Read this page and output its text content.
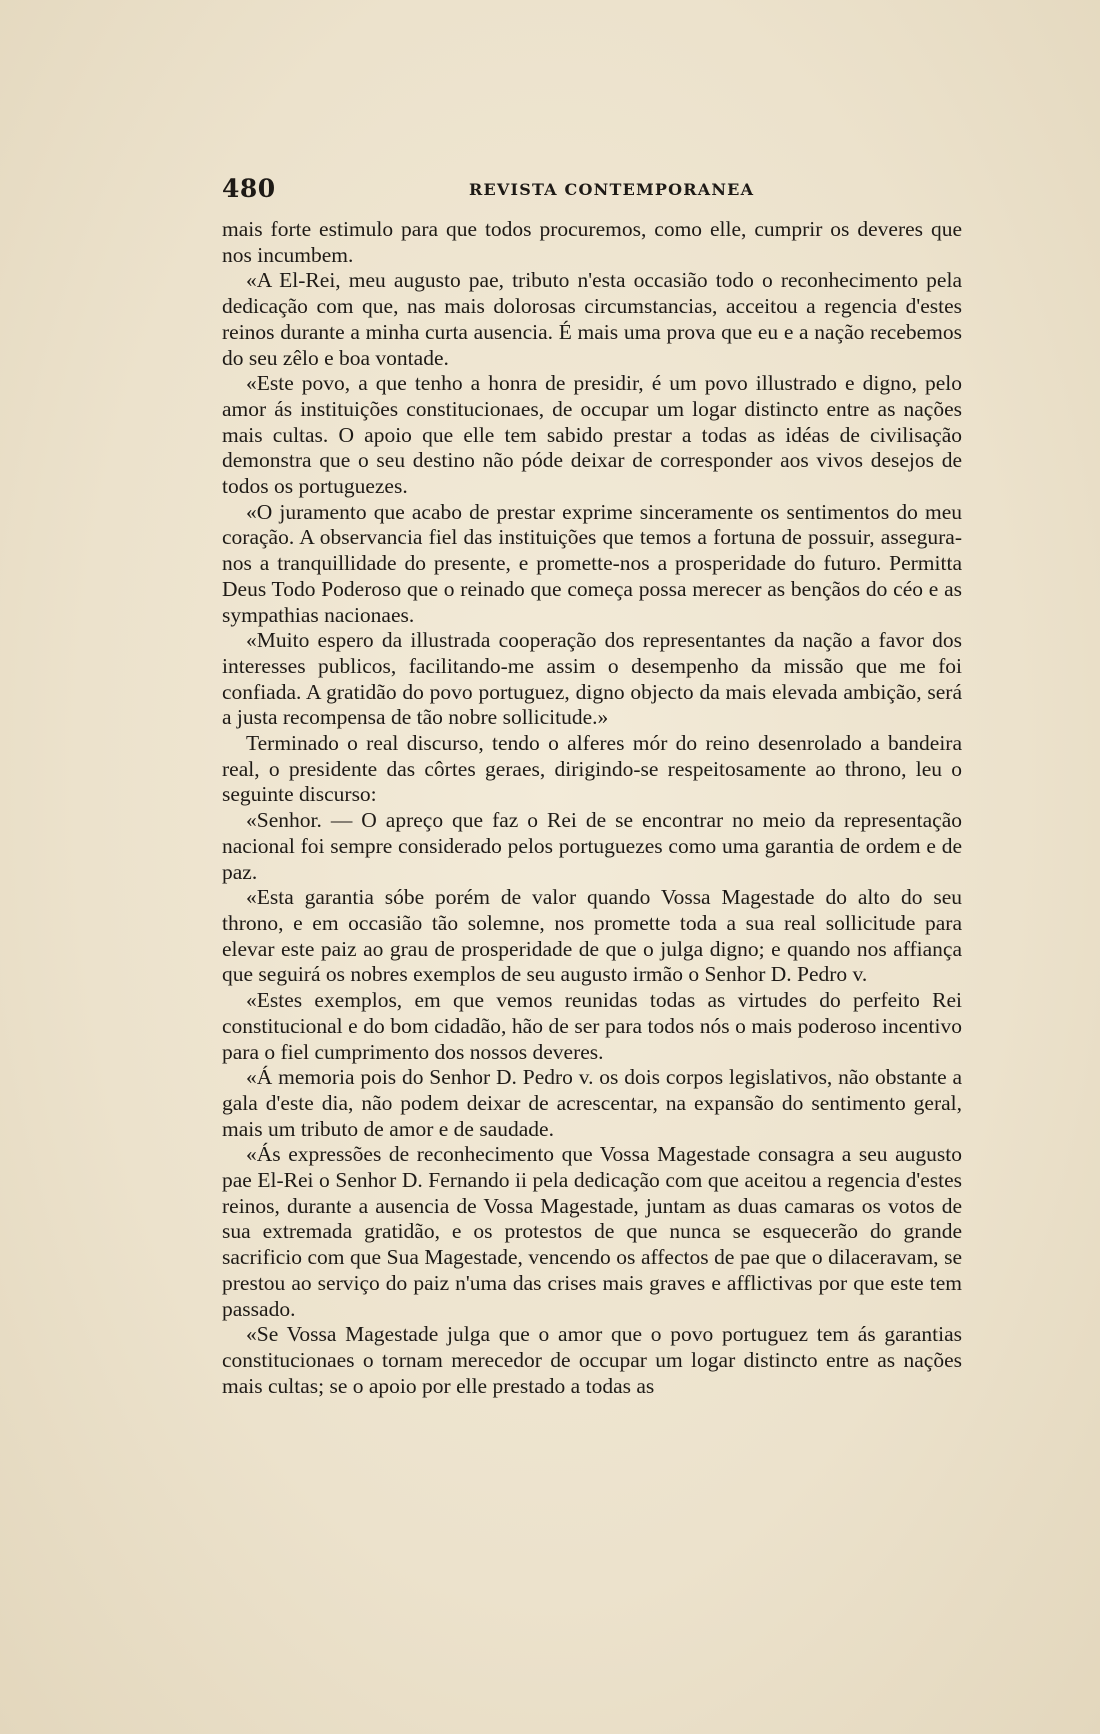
480	REVISTA CONTEMPORANEA

mais forte estimulo para que todos procuremos, como elle, cumprir os deveres que nos incumbem.

«A El-Rei, meu augusto pae, tributo n'esta occasião todo o reconhecimento pela dedicação com que, nas mais dolorosas circumstancias, acceitou a regencia d'estes reinos durante a minha curta ausencia. É mais uma prova que eu e a nação recebemos do seu zêlo e boa vontade.

«Este povo, a que tenho a honra de presidir, é um povo illustrado e digno, pelo amor ás instituições constitucionaes, de occupar um logar distincto entre as nações mais cultas. O apoio que elle tem sabido prestar a todas as idéas de civilisação demonstra que o seu destino não póde deixar de corresponder aos vivos desejos de todos os portuguezes.

«O juramento que acabo de prestar exprime sinceramente os sentimentos do meu coração. A observancia fiel das instituições que temos a fortuna de possuir, assegura-nos a tranquillidade do presente, e promette-nos a prosperidade do futuro. Permitta Deus Todo Poderoso que o reinado que começa possa merecer as bençãos do céo e as sympathias nacionaes.

«Muito espero da illustrada cooperação dos representantes da nação a favor dos interesses publicos, facilitando-me assim o desempenho da missão que me foi confiada. A gratidão do povo portuguez, digno objecto da mais elevada ambição, será a justa recompensa de tão nobre sollicitude.»

Terminado o real discurso, tendo o alferes mór do reino desenrolado a bandeira real, o presidente das côrtes geraes, dirigindo-se respeitosamente ao throno, leu o seguinte discurso:

«Senhor. — O apreço que faz o Rei de se encontrar no meio da representação nacional foi sempre considerado pelos portuguezes como uma garantia de ordem e de paz.

«Esta garantia sóbe porém de valor quando Vossa Magestade do alto do seu throno, e em occasião tão solemne, nos promette toda a sua real sollicitude para elevar este paiz ao grau de prosperidade de que o julga digno; e quando nos affiança que seguirá os nobres exemplos de seu augusto irmão o Senhor D. Pedro v.

«Estes exemplos, em que vemos reunidas todas as virtudes do perfeito Rei constitucional e do bom cidadão, hão de ser para todos nós o mais poderoso incentivo para o fiel cumprimento dos nossos deveres.

«Á memoria pois do Senhor D. Pedro v. os dois corpos legislativos, não obstante a gala d'este dia, não podem deixar de acrescentar, na expansão do sentimento geral, mais um tributo de amor e de saudade.

«Ás expressões de reconhecimento que Vossa Magestade consagra a seu augusto pae El-Rei o Senhor D. Fernando ii pela dedicação com que aceitou a regencia d'estes reinos, durante a ausencia de Vossa Magestade, juntam as duas camaras os votos de sua extremada gratidão, e os protestos de que nunca se esquecerão do grande sacrificio com que Sua Magestade, vencendo os affectos de pae que o dilaceravam, se prestou ao serviço do paiz n'uma das crises mais graves e afflictivas por que este tem passado.

«Se Vossa Magestade julga que o amor que o povo portuguez tem ás garantias constitucionaes o tornam merecedor de occupar um logar distincto entre as nações mais cultas; se o apoio por elle prestado a todas as
